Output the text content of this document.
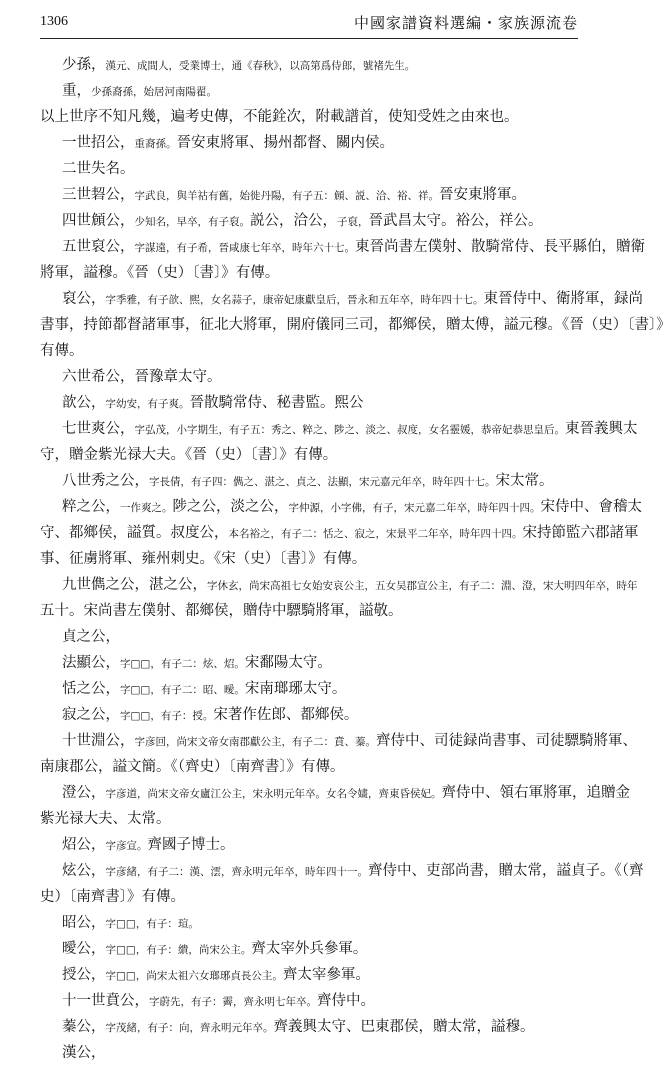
1306	中國家譜資料選編・家族源流卷
少孫，漢元、成間人，受業博士，通《春秋》，以高第爲侍郎，號褚先生。
重，少孫裔孫，始居河南陽翟。
以上世序不知凡幾，遍考史傳，不能銓次，附載譜首，使知受姓之由來也。
一世招公，重裔孫。晉安東將軍、揚州都督、關内侯。
二世失名。
三世䂮公，字武良，與羊祜有舊，始徙丹陽，有子五：頠、説、洽、裕、祥。晉安東將軍。
四世頠公，少知名，早卒，有子裒。説公，洽公，子裒，晉武昌太守。裕公，祥公。
五世裒公，字謀遠，有子希，晉咸康七年卒，時年六十七。東晉尚書左僕射、散騎常侍、長平縣伯，贈衛
將軍，謚穆。《晉（史）〔書〕》有傳。
裒公，字季雅，有子歆、熙，女名蒜子，康帝妃康獻皇后，晉永和五年卒，時年四十七。東晉侍中、衛將軍，録尚
書事，持節都督諸軍事，征北大將軍，開府儀同三司，都鄉侯，贈太傅，謚元穆。《晉（史）〔書〕》
有傳。
六世希公，晉豫章太守。
歆公，字幼安，有子爽。晉散騎常侍、秘書監。熙公
七世爽公，字弘茂，小字期生，有子五：秀之、粹之、陟之、淡之、叔度，女名靈媛，恭帝妃恭思皇后。東晉義興太
守，贈金紫光禄大夫。《晉（史）〔書〕》有傳。
八世秀之公，字長倩，有子四：儁之、湛之、貞之、法顯，宋元嘉元年卒，時年四十七。宋太常。
粹之公，一作爽之。陟之公，淡之公，字仲源，小字佛，有子，宋元嘉二年卒，時年四十四。宋侍中、會稽太
守、都鄉侯，謚質。叔度公，本名裕之，有子二：恬之、寂之，宋景平二年卒，時年四十四。宋持節監六郡諸軍
事、征虜將軍、雍州刺史。《宋（史）〔書〕》有傳。
九世儁之公，湛之公，字休玄，尚宋高祖七女始安哀公主，五女吴郡宣公主，有子二：淵、澄，宋大明四年卒，時年
五十。宋尚書左僕射、都鄉侯，贈侍中驃騎將軍，謚敬。
貞之公，
法顯公，字□□，有子二：炫、炤。宋鄱陽太守。
恬之公，字□□，有子二：昭、曖。宋南瑯琊太守。
寂之公，字□□，有子：授。宋著作佐郎、都鄉侯。
十世淵公，字彦回，尚宋文帝女南郡獻公主，有子二：賁、蓁。齊侍中、司徒録尚書事、司徒驃騎將軍、
南康郡公，謚文簡。《（齊史）〔南齊書〕》有傳。
澄公，字彦道，尚宋文帝女廬江公主，宋永明元年卒。女名令嫿，齊東昏侯妃。齊侍中、領右軍將軍，追贈金
紫光禄大夫、太常。
炤公，字彦宣。齊國子博士。
炫公，字彦緒，有子二：漢、澐，齊永明元年卒，時年四十一。齊侍中、吏部尚書，贈太常，謚貞子。《（齊
史）〔南齊書〕》有傳。
昭公，字□□，有子：瑄。
曖公，字□□，有子：繢，尚宋公主。齊太宰外兵參軍。
授公，字□□，尚宋太祖六女瑯琊貞長公主。齊太宰參軍。
十一世賁公，字蔚先，有子：霽，齊永明七年卒。齊侍中。
蓁公，字茂緒，有子：向，齊永明元年卒。齊義興太守、巴東郡侯，贈太常，謚穆。
漢公，
